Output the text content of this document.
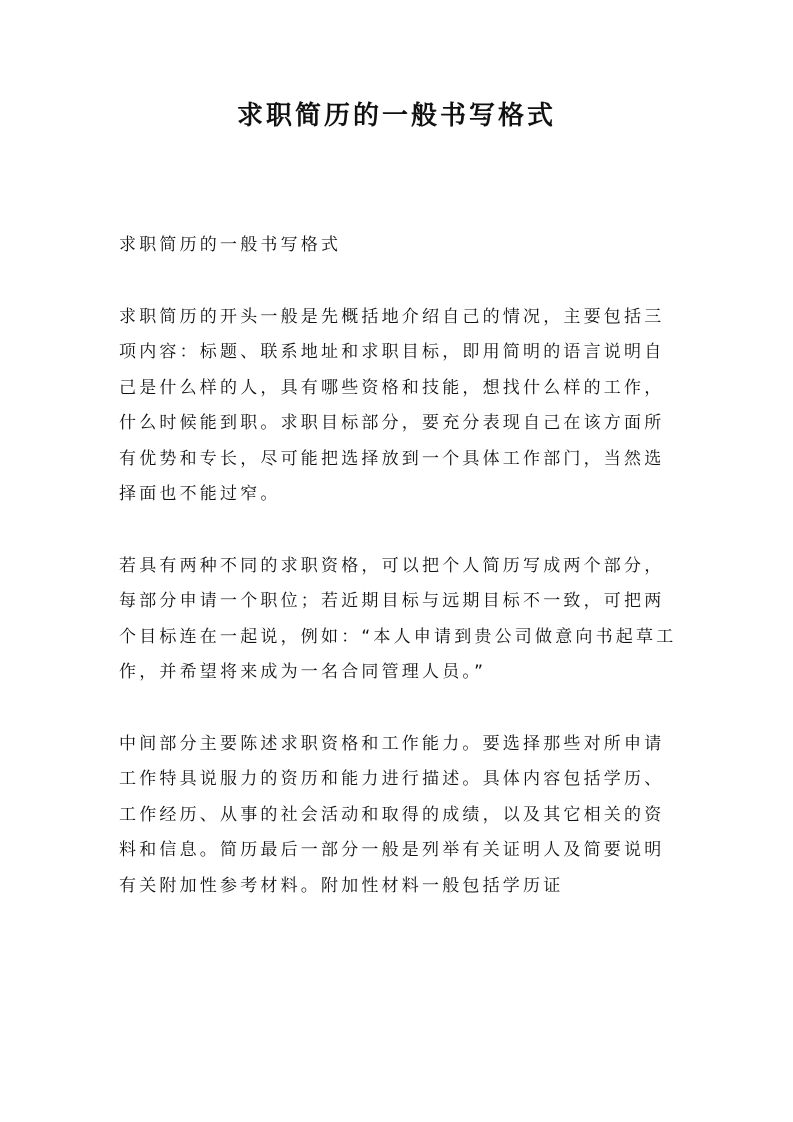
求职简历的一般书写格式

求职简历的一般书写格式

求职简历的开头一般是先概括地介绍自己的情况，主要包括三项内容：标题、联系地址和求职目标，即用简明的语言说明自己是什么样的人，具有哪些资格和技能，想找什么样的工作，什么时候能到职。求职目标部分，要充分表现自己在该方面所有优势和专长，尽可能把选择放到一个具体工作部门，当然选择面也不能过窄。

若具有两种不同的求职资格，可以把个人简历写成两个部分，每部分申请一个职位；若近期目标与远期目标不一致，可把两个目标连在一起说，例如：“本人申请到贵公司做意向书起草工作，并希望将来成为一名合同管理人员。”

中间部分主要陈述求职资格和工作能力。要选择那些对所申请工作特具说服力的资历和能力进行描述。具体内容包括学历、工作经历、从事的社会活动和取得的成绩，以及其它相关的资料和信息。简历最后一部分一般是列举有关证明人及简要说明有关附加性参考材料。附加性材料一般包括学历证
